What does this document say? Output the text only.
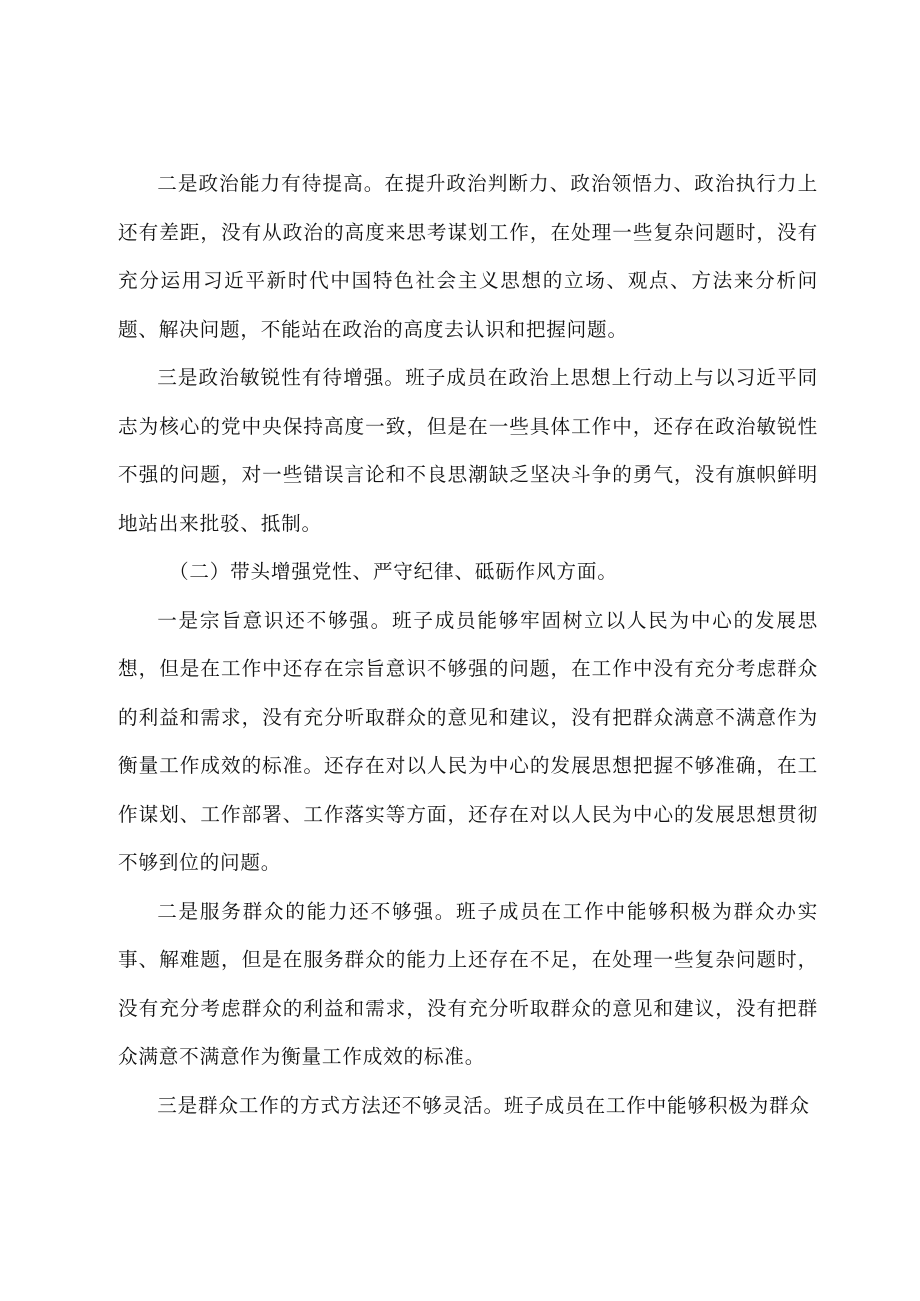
二是政治能力有待提高。在提升政治判断力、政治领悟力、政治执行力上还有差距，没有从政治的高度来思考谋划工作，在处理一些复杂问题时，没有充分运用习近平新时代中国特色社会主义思想的立场、观点、方法来分析问题、解决问题，不能站在政治的高度去认识和把握问题。

三是政治敏锐性有待增强。班子成员在政治上思想上行动上与以习近平同志为核心的党中央保持高度一致，但是在一些具体工作中，还存在政治敏锐性不强的问题，对一些错误言论和不良思潮缺乏坚决斗争的勇气，没有旗帜鲜明地站出来批驳、抵制。

（二）带头增强党性、严守纪律、砥砺作风方面。

一是宗旨意识还不够强。班子成员能够牢固树立以人民为中心的发展思想，但是在工作中还存在宗旨意识不够强的问题，在工作中没有充分考虑群众的利益和需求，没有充分听取群众的意见和建议，没有把群众满意不满意作为衡量工作成效的标准。还存在对以人民为中心的发展思想把握不够准确，在工作谋划、工作部署、工作落实等方面，还存在对以人民为中心的发展思想贯彻不够到位的问题。

二是服务群众的能力还不够强。班子成员在工作中能够积极为群众办实事、解难题，但是在服务群众的能力上还存在不足，在处理一些复杂问题时，没有充分考虑群众的利益和需求，没有充分听取群众的意见和建议，没有把群众满意不满意作为衡量工作成效的标准。

三是群众工作的方式方法还不够灵活。班子成员在工作中能够积极为群众
